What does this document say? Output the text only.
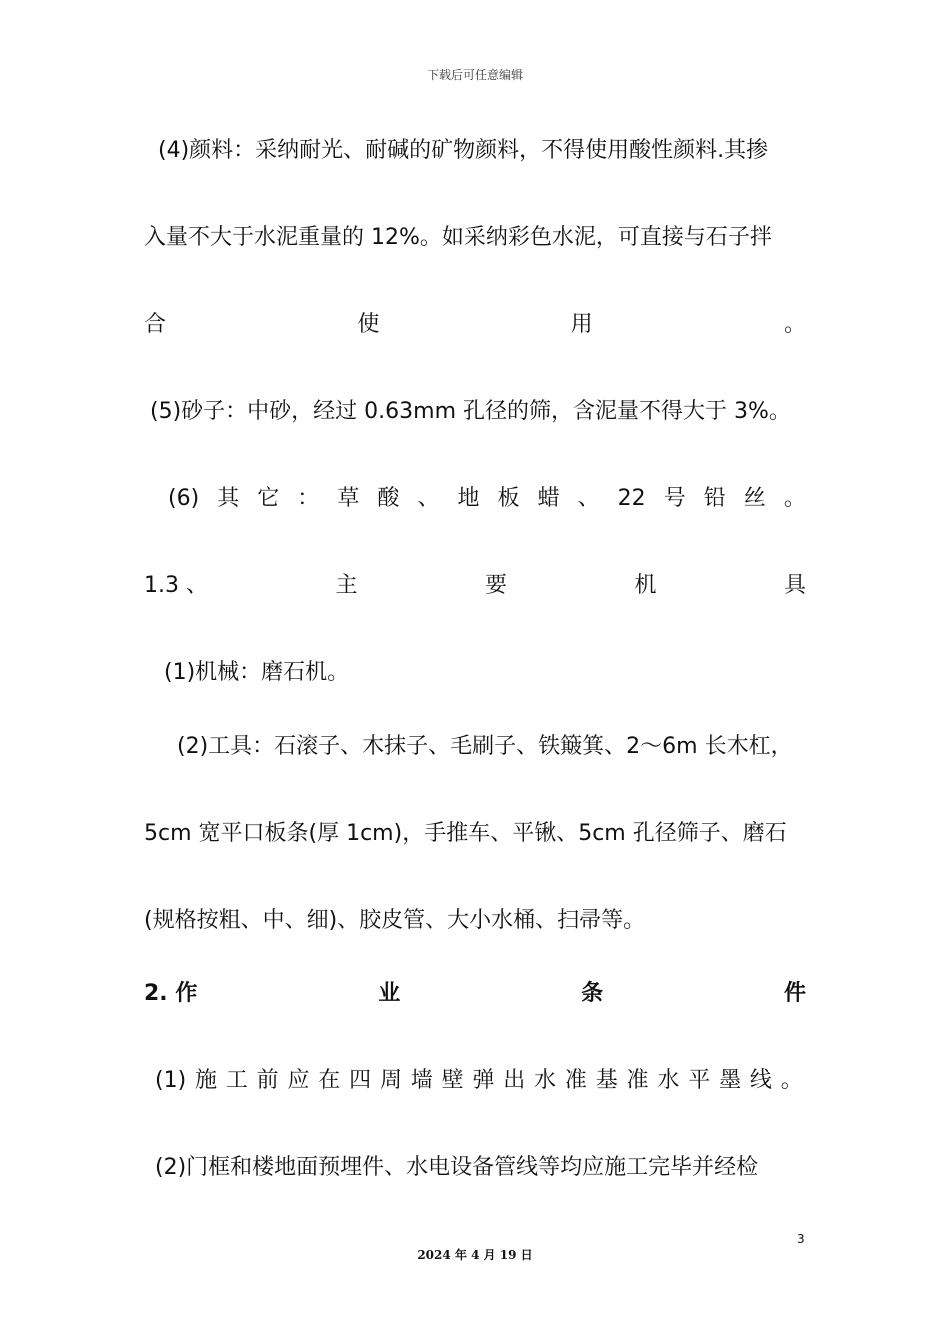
下载后可任意编辑
(4)颜料：采纳耐光、耐碱的矿物颜料，不得使用酸性颜料.其掺
入量不大于水泥重量的 12%。如采纳彩色水泥，可直接与石子拌
合	使	用	。
(5)砂子：中砂，经过 0.63mm 孔径的筛，含泥量不得大于 3%。
(6) 其 它 ： 草 酸 、 地 板 蜡 、 22 号 铅 丝 。
1.3 、	主	要	机	具
(1)机械：磨石机。
(2)工具：石滚子、木抹子、毛刷子、铁簸箕、2～6m 长木杠，
5cm 宽平口板条(厚 1cm)，手推车、平锹、5cm 孔径筛子、磨石
(规格按粗、中、细)、胶皮管、大小水桶、扫帚等。
2. 作	业	条	件
(1) 施 工 前 应 在 四 周 墙 壁 弹 出 水 准 基 准 水 平 墨 线 。
(2)门框和楼地面预埋件、水电设备管线等均应施工完毕并经检
3
2024 年 4 月 19 日
